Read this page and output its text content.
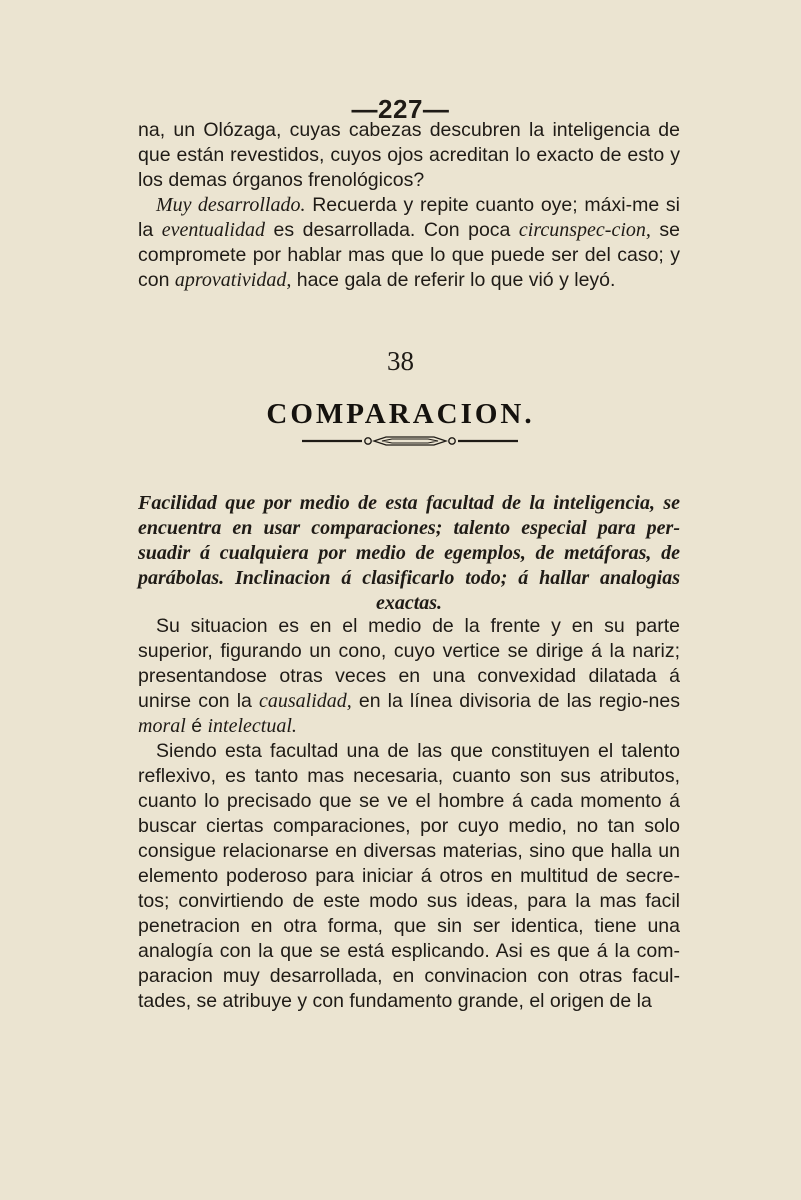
—227—

na, un Olózaga, cuyas cabezas descubren la inteligencia de que están revestidos, cuyos ojos acreditan lo exacto de esto y los demas órganos frenológicos?

Muy desarrollado. Recuerda y repite cuanto oye; máxi-me si la eventualidad es desarrollada. Con poca circunspec-cion, se compromete por hablar mas que lo que puede ser del caso; y con aprovatividad, hace gala de referir lo que vió y leyó.

38
COMPARACION.
Facilidad que por medio de esta facultad de la inteligencia, se encuentra en usar comparaciones; talento especial para per-suadir á cualquiera por medio de egemplos, de metáforas, de parábolas. Inclinacion á clasificarlo todo; á hallar analogias exactas.

Su situacion es en el medio de la frente y en su parte superior, figurando un cono, cuyo vertice se dirige á la nariz; presentandose otras veces en una convexidad dilatada á unirse con la causalidad, en la línea divisoria de las regio-nes moral é intelectual.

Siendo esta facultad una de las que constituyen el talento reflexivo, es tanto mas necesaria, cuanto son sus atributos, cuanto lo precisado que se ve el hombre á cada momento á buscar ciertas comparaciones, por cuyo medio, no tan solo consigue relacionarse en diversas materias, sino que halla un elemento poderoso para iniciar á otros en multitud de secre-tos; convirtiendo de este modo sus ideas, para la mas facil penetracion en otra forma, que sin ser identica, tiene una analogía con la que se está esplicando. Asi es que á la com-paracion muy desarrollada, en convinacion con otras facul-tades, se atribuye y con fundamento grande, el origen de la
